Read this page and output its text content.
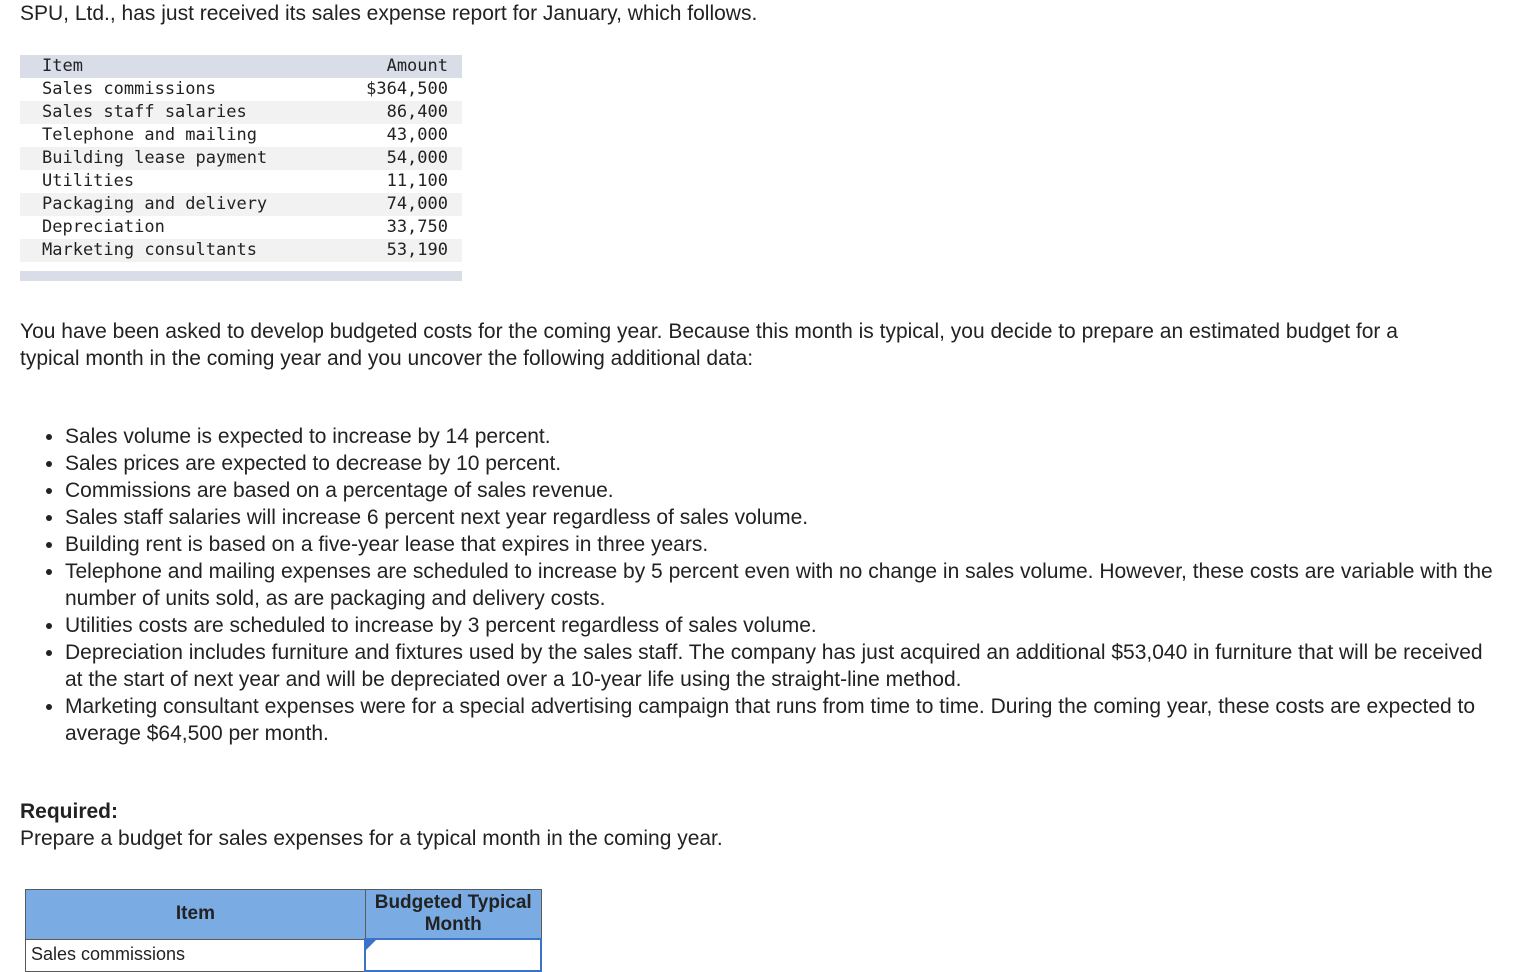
SPU, Ltd., has just received its sales expense report for January, which follows.

Item	Amount
Sales commissions	$364,500
Sales staff salaries	86,400
Telephone and mailing	43,000
Building lease payment	54,000
Utilities	11,100
Packaging and delivery	74,000
Depreciation	33,750
Marketing consultants	53,190

You have been asked to develop budgeted costs for the coming year. Because this month is typical, you decide to prepare an estimated budget for a typical month in the coming year and you uncover the following additional data:

• Sales volume is expected to increase by 14 percent.
• Sales prices are expected to decrease by 10 percent.
• Commissions are based on a percentage of sales revenue.
• Sales staff salaries will increase 6 percent next year regardless of sales volume.
• Building rent is based on a five-year lease that expires in three years.
• Telephone and mailing expenses are scheduled to increase by 5 percent even with no change in sales volume. However, these costs are variable with the number of units sold, as are packaging and delivery costs.
• Utilities costs are scheduled to increase by 3 percent regardless of sales volume.
• Depreciation includes furniture and fixtures used by the sales staff. The company has just acquired an additional $53,040 in furniture that will be received at the start of next year and will be depreciated over a 10-year life using the straight-line method.
• Marketing consultant expenses were for a special advertising campaign that runs from time to time. During the coming year, these costs are expected to average $64,500 per month.

Required:

Prepare a budget for sales expenses for a typical month in the coming year.

Item	Budgeted Typical Month
Sales commissions	
